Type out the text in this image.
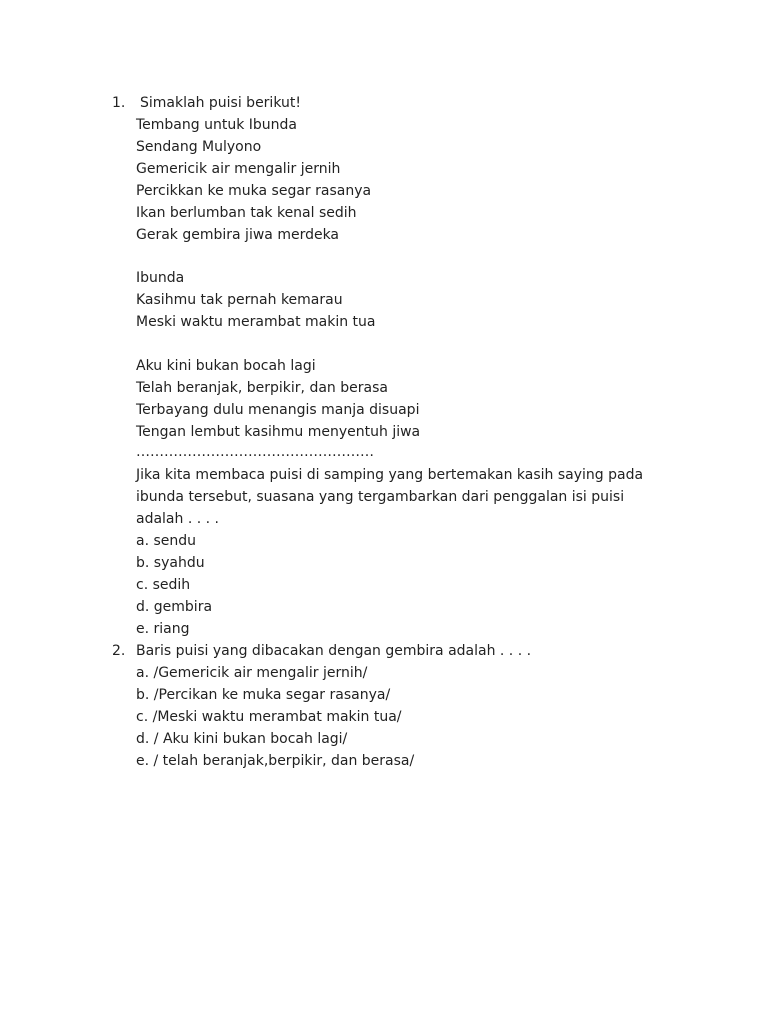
1. Simaklah puisi berikut!
Tembang untuk Ibunda
Sendang Mulyono
Gemericik air mengalir jernih
Percikkan ke muka segar rasanya
Ikan berlumban tak kenal sedih
Gerak gembira jiwa merdeka
Ibunda
Kasihmu tak pernah kemarau
Meski waktu merambat makin tua
Aku kini bukan bocah lagi
Telah beranjak, berpikir, dan berasa
Terbayang dulu menangis manja disuapi
Tengan lembut kasihmu menyentuh jiwa
……………………………………………
Jika kita membaca puisi di samping yang bertemakan kasih saying pada
ibunda tersebut, suasana yang tergambarkan dari penggalan isi puisi
adalah . . . .
a. sendu
b. syahdu
c. sedih
d. gembira
e. riang
2. Baris puisi yang dibacakan dengan gembira adalah . . . .
a. /Gemericik air mengalir jernih/
b. /Percikan ke muka segar rasanya/
c. /Meski waktu merambat makin tua/
d. / Aku kini bukan bocah lagi/
e. / telah beranjak,berpikir, dan berasa/
